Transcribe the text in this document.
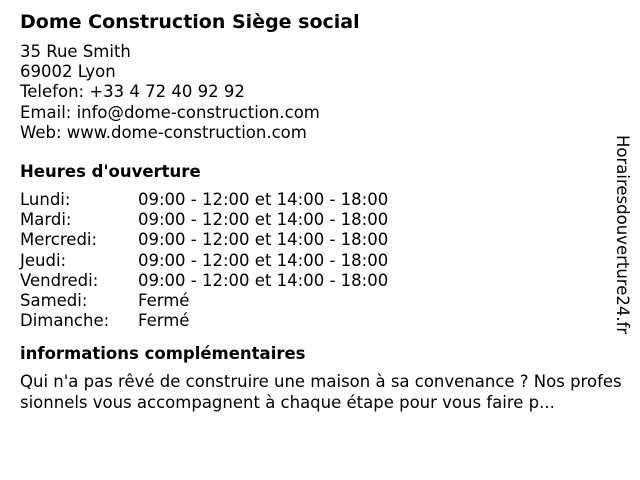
Dome Construction Siège social
35 Rue Smith
69002 Lyon
Telefon: +33 4 72 40 92 92
Email: info@dome-construction.com
Web: www.dome-construction.com
Heures d'ouverture
Lundi:	09:00 - 12:00 et 14:00 - 18:00
Mardi:	09:00 - 12:00 et 14:00 - 18:00
Mercredi:	09:00 - 12:00 et 14:00 - 18:00
Jeudi:	09:00 - 12:00 et 14:00 - 18:00
Vendredi:	09:00 - 12:00 et 14:00 - 18:00
Samedi:	Fermé
Dimanche:	Fermé
informations complémentaires
Qui n'a pas rêvé de construire une maison à sa convenance ? Nos professionnels vous accompagnent à chaque étape pour vous faire p...
Horairesdouverture24.fr
